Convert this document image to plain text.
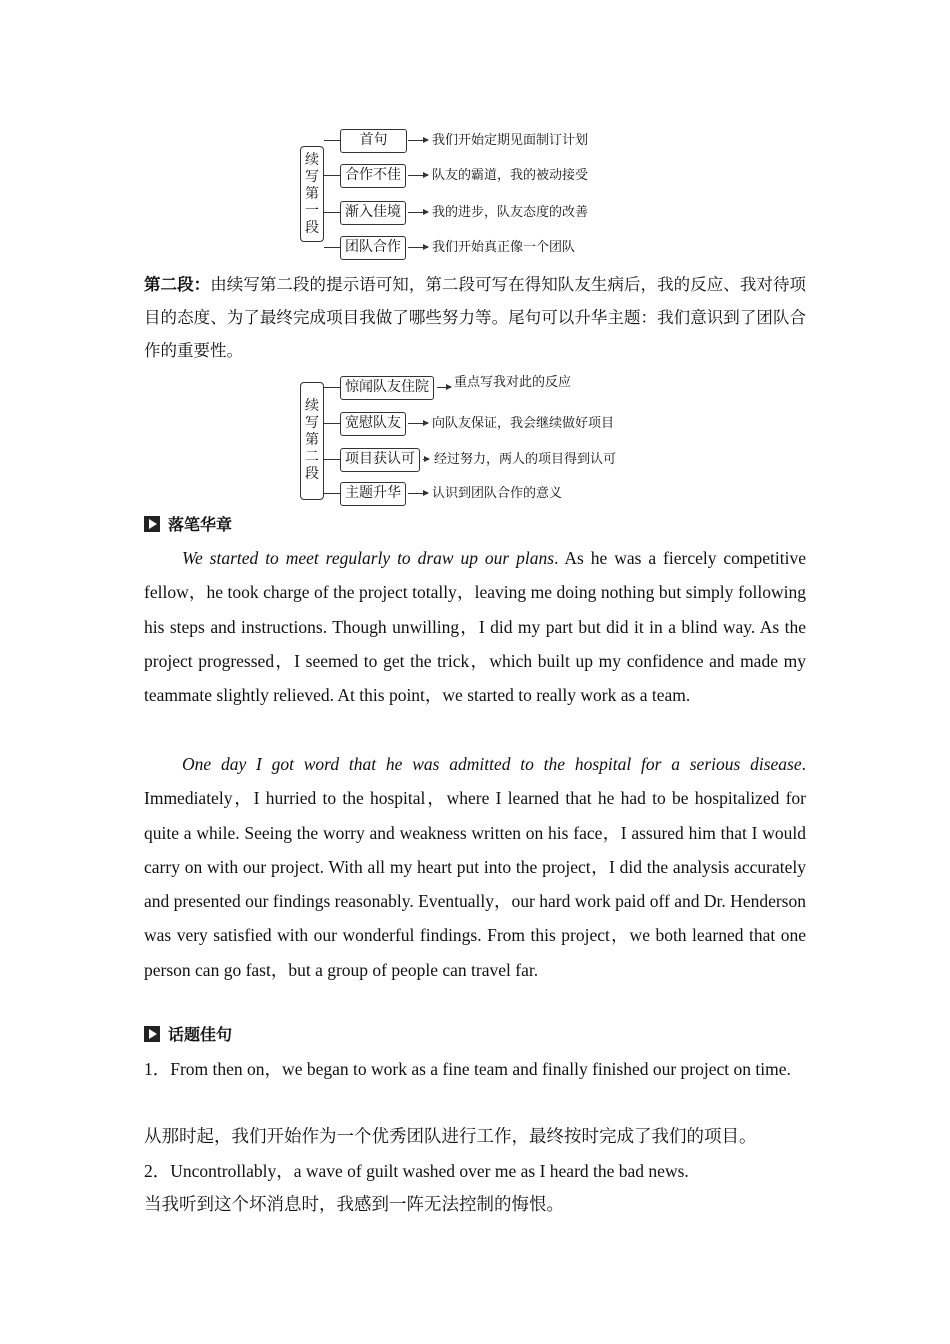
续
写
第
一
段
首句	我们开始定期见面制订计划
合作不佳	队友的霸道，我的被动接受
渐入佳境	我的进步，队友态度的改善
团队合作	我们开始真正像一个团队
第二段：由续写第二段的提示语可知，第二段可写在得知队友生病后，我的反应、我对待项目的态度、为了最终完成项目我做了哪些努力等。尾句可以升华主题：我们意识到了团队合作的重要性。
续
写
第
二
段
惊闻队友住院	重点写我对此的反应
宽慰队友	向队友保证，我会继续做好项目
项目获认可	经过努力，两人的项目得到认可
主题升华	认识到团队合作的意义
落笔华章
We started to meet regularly to draw up our plans. As he was a fiercely competitive fellow，he took charge of the project totally，leaving me doing nothing but simply following his steps and instructions. Though unwilling，I did my part but did it in a blind way. As the project progressed，I seemed to get the trick，which built up my confidence and made my teammate slightly relieved. At this point，we started to really work as a team.
One day I got word that he was admitted to the hospital for a serious disease. Immediately，I hurried to the hospital，where I learned that he had to be hospitalized for quite a while. Seeing the worry and weakness written on his face，I assured him that I would carry on with our project. With all my heart put into the project，I did the analysis accurately and presented our findings reasonably. Eventually，our hard work paid off and Dr. Henderson was very satisfied with our wonderful findings. From this project，we both learned that one person can go fast，but a group of people can travel far.
话题佳句
1．From then on，we began to work as a fine team and finally finished our project on time.
从那时起，我们开始作为一个优秀团队进行工作，最终按时完成了我们的项目。
2．Uncontrollably，a wave of guilt washed over me as I heard the bad news.
当我听到这个坏消息时，我感到一阵无法控制的悔恨。
